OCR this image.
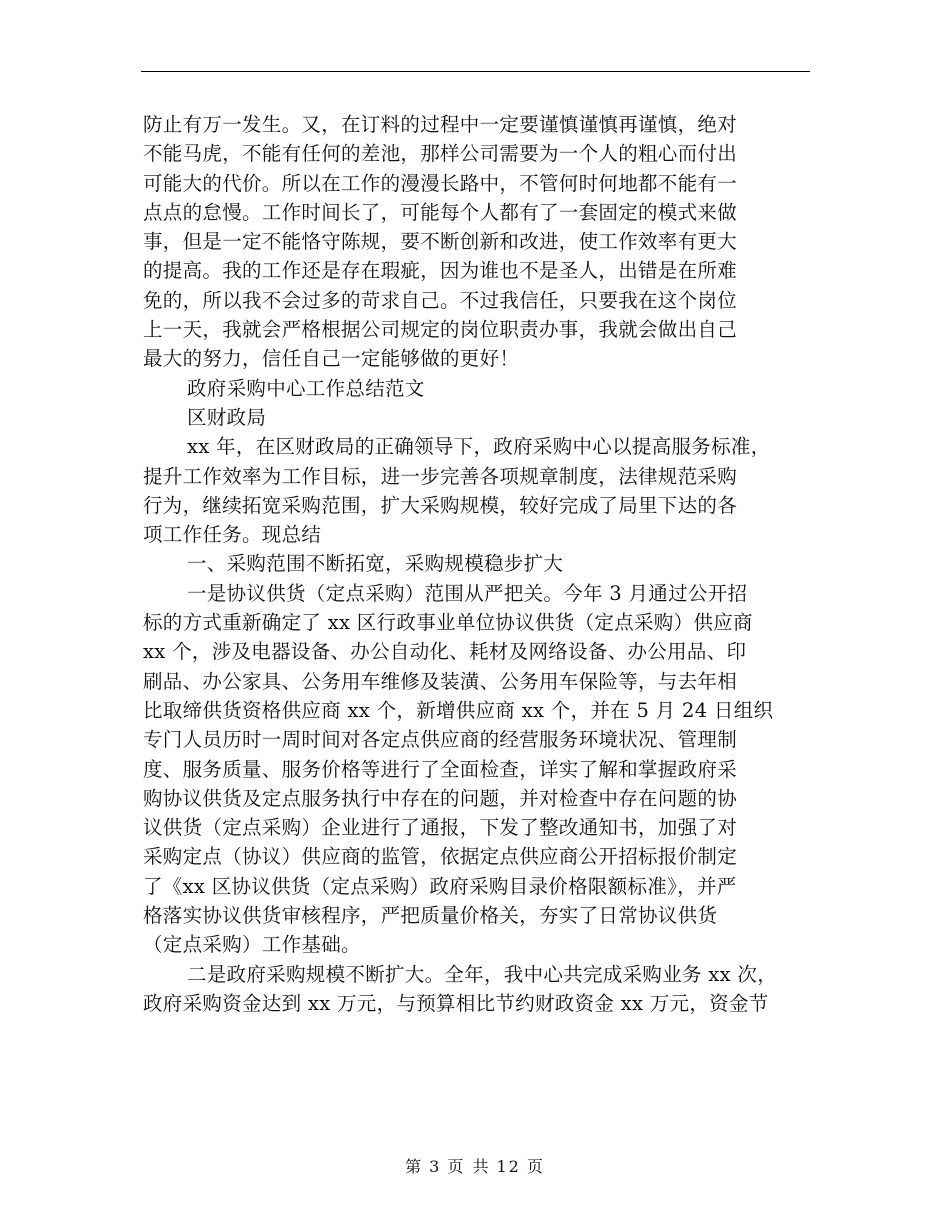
防止有万一发生。又，在订料的过程中一定要谨慎谨慎再谨慎，绝对
不能马虎，不能有任何的差池，那样公司需要为一个人的粗心而付出
可能大的代价。所以在工作的漫漫长路中，不管何时何地都不能有一
点点的怠慢。工作时间长了，可能每个人都有了一套固定的模式来做
事，但是一定不能恪守陈规，要不断创新和改进，使工作效率有更大
的提高。我的工作还是存在瑕疵，因为谁也不是圣人，出错是在所难
免的，所以我不会过多的苛求自己。不过我信任，只要我在这个岗位
上一天，我就会严格根据公司规定的岗位职责办事，我就会做出自己
最大的努力，信任自己一定能够做的更好！
政府采购中心工作总结范文
区财政局
xx 年，在区财政局的正确领导下，政府采购中心以提高服务标准，
提升工作效率为工作目标，进一步完善各项规章制度，法律规范采购
行为，继续拓宽采购范围，扩大采购规模，较好完成了局里下达的各
项工作任务。现总结
一、采购范围不断拓宽，采购规模稳步扩大
一是协议供货（定点采购）范围从严把关。今年 3 月通过公开招
标的方式重新确定了 xx 区行政事业单位协议供货（定点采购）供应商
xx 个，涉及电器设备、办公自动化、耗材及网络设备、办公用品、印
刷品、办公家具、公务用车维修及装潢、公务用车保险等，与去年相
比取缔供货资格供应商 xx 个，新增供应商 xx 个，并在 5 月 24 日组织
专门人员历时一周时间对各定点供应商的经营服务环境状况、管理制
度、服务质量、服务价格等进行了全面检查，详实了解和掌握政府采
购协议供货及定点服务执行中存在的问题，并对检查中存在问题的协
议供货（定点采购）企业进行了通报，下发了整改通知书，加强了对
采购定点（协议）供应商的监管，依据定点供应商公开招标报价制定
了《xx 区协议供货（定点采购）政府采购目录价格限额标准》，并严
格落实协议供货审核程序，严把质量价格关，夯实了日常协议供货
（定点采购）工作基础。
二是政府采购规模不断扩大。全年，我中心共完成采购业务 xx 次，
政府采购资金达到 xx 万元，与预算相比节约财政资金 xx 万元，资金节
第 3 页 共 12 页
